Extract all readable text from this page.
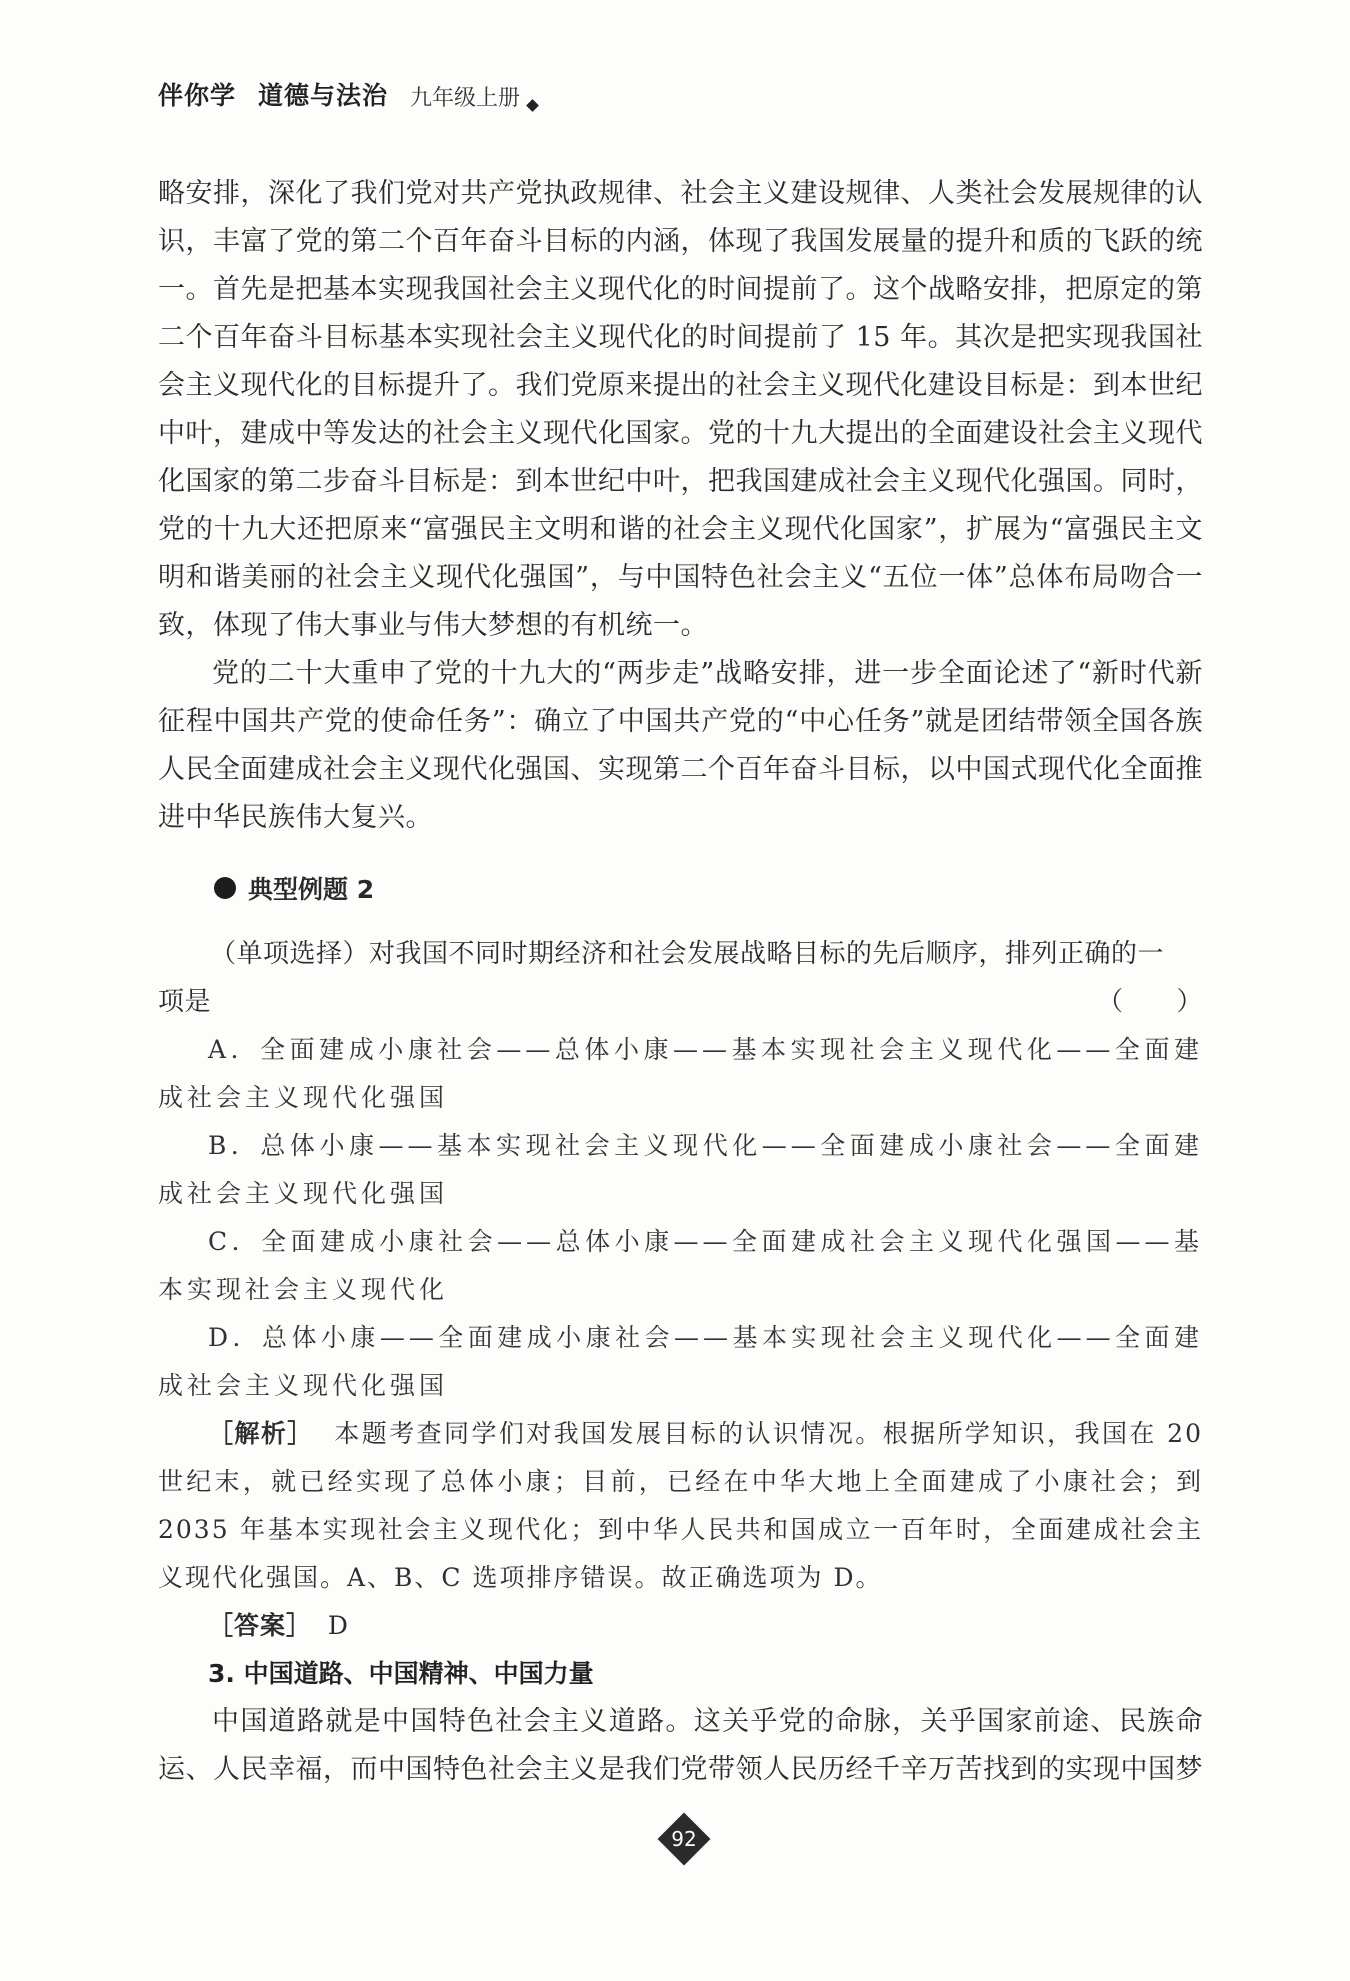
伴你学 道德与法治 九年级上册

略安排，深化了我们党对共产党执政规律、社会主义建设规律、人类社会发展规律的认识，丰富了党的第二个百年奋斗目标的内涵，体现了我国发展量的提升和质的飞跃的统一。首先是把基本实现我国社会主义现代化的时间提前了。这个战略安排，把原定的第二个百年奋斗目标基本实现社会主义现代化的时间提前了 15 年。其次是把实现我国社会主义现代化的目标提升了。我们党原来提出的社会主义现代化建设目标是：到本世纪中叶，建成中等发达的社会主义现代化国家。党的十九大提出的全面建设社会主义现代化国家的第二步奋斗目标是：到本世纪中叶，把我国建成社会主义现代化强国。同时，党的十九大还把原来“富强民主文明和谐的社会主义现代化国家”，扩展为“富强民主文明和谐美丽的社会主义现代化强国”，与中国特色社会主义“五位一体”总体布局吻合一致，体现了伟大事业与伟大梦想的有机统一。

党的二十大重申了党的十九大的“两步走”战略安排，进一步全面论述了“新时代新征程中国共产党的使命任务”：确立了中国共产党的“中心任务”就是团结带领全国各族人民全面建成社会主义现代化强国、实现第二个百年奋斗目标，以中国式现代化全面推进中华民族伟大复兴。

典型例题 2

（单项选择）对我国不同时期经济和社会发展战略目标的先后顺序，排列正确的一

项是	（　　）

A．全面建成小康社会——总体小康——基本实现社会主义现代化——全面建成社会主义现代化强国

B．总体小康——基本实现社会主义现代化——全面建成小康社会——全面建成社会主义现代化强国

C．全面建成小康社会——总体小康——全面建成社会主义现代化强国——基本实现社会主义现代化

D．总体小康——全面建成小康社会——基本实现社会主义现代化——全面建成社会主义现代化强国

［解析］ 本题考查同学们对我国发展目标的认识情况。根据所学知识，我国在 20 世纪末，就已经实现了总体小康；目前，已经在中华大地上全面建成了小康社会；到 2035 年基本实现社会主义现代化；到中华人民共和国成立一百年时，全面建成社会主义现代化强国。A、B、C 选项排序错误。故正确选项为 D。

［答案］ D

3. 中国道路、中国精神、中国力量

中国道路就是中国特色社会主义道路。这关乎党的命脉，关乎国家前途、民族命运、人民幸福，而中国特色社会主义是我们党带领人民历经千辛万苦找到的实现中国梦

92
